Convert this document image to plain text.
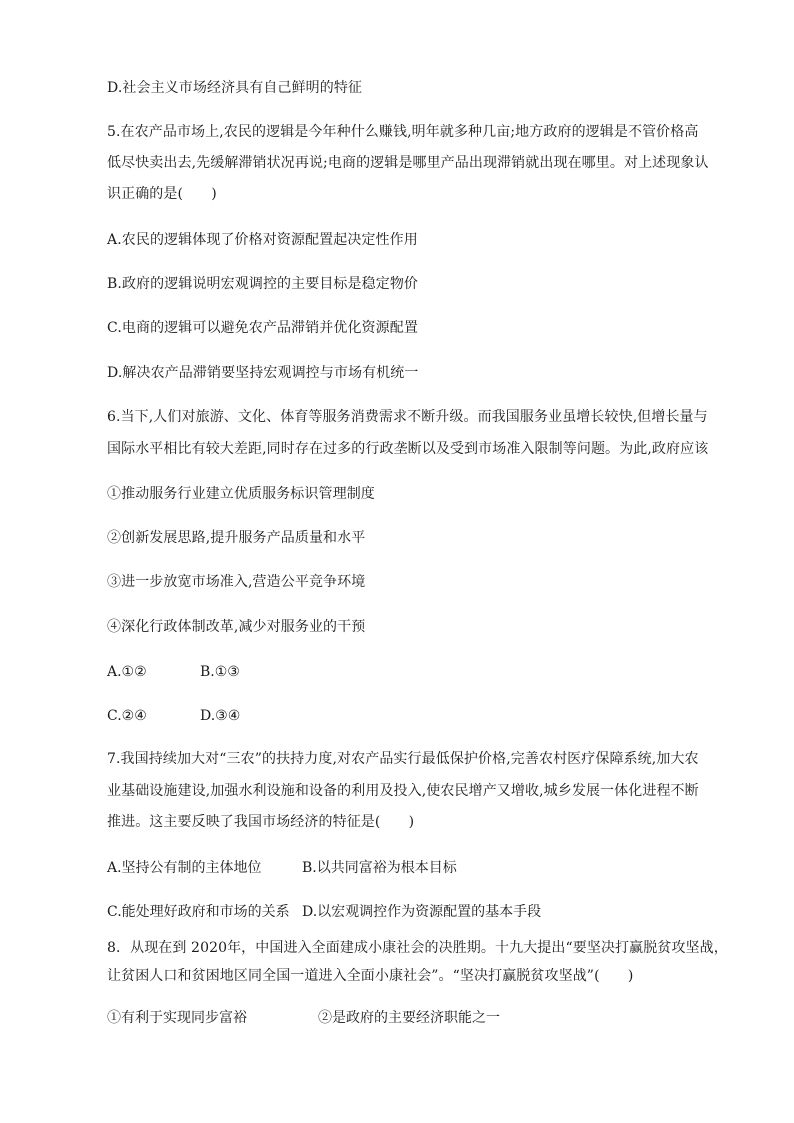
D.社会主义市场经济具有自己鲜明的特征
5.在农产品市场上,农民的逻辑是今年种什么赚钱,明年就多种几亩;地方政府的逻辑是不管价格高
低尽快卖出去,先缓解滞销状况再说;电商的逻辑是哪里产品出现滞销就出现在哪里。对上述现象认
识正确的是(　　)
A.农民的逻辑体现了价格对资源配置起决定性作用
B.政府的逻辑说明宏观调控的主要目标是稳定物价
C.电商的逻辑可以避免农产品滞销并优化资源配置
D.解决农产品滞销要坚持宏观调控与市场有机统一
6.当下,人们对旅游、文化、体育等服务消费需求不断升级。而我国服务业虽增长较快,但增长量与
国际水平相比有较大差距,同时存在过多的行政垄断以及受到市场准入限制等问题。为此,政府应该
①推动服务行业建立优质服务标识管理制度
②创新发展思路,提升服务产品质量和水平
③进一步放宽市场准入,营造公平竞争环境
④深化行政体制改革,减少对服务业的干预
A.①②	B.①③
C.②④	D.③④
7.我国持续加大对“三农”的扶持力度,对农产品实行最低保护价格,完善农村医疗保障系统,加大农
业基础设施建设,加强水利设施和设备的利用及投入,使农民增产又增收,城乡发展一体化进程不断
推进。这主要反映了我国市场经济的特征是(　　)
A.坚持公有制的主体地位	B.以共同富裕为根本目标
C.能处理好政府和市场的关系 D.以宏观调控作为资源配置的基本手段
8．从现在到 2020年，中国进入全面建成小康社会的决胜期。十九大提出“要坚决打赢脱贫攻坚战，
让贫困人口和贫困地区同全国一道进入全面小康社会”。“坚决打赢脱贫攻坚战”(　　)
①有利于实现同步富裕	②是政府的主要经济职能之一
